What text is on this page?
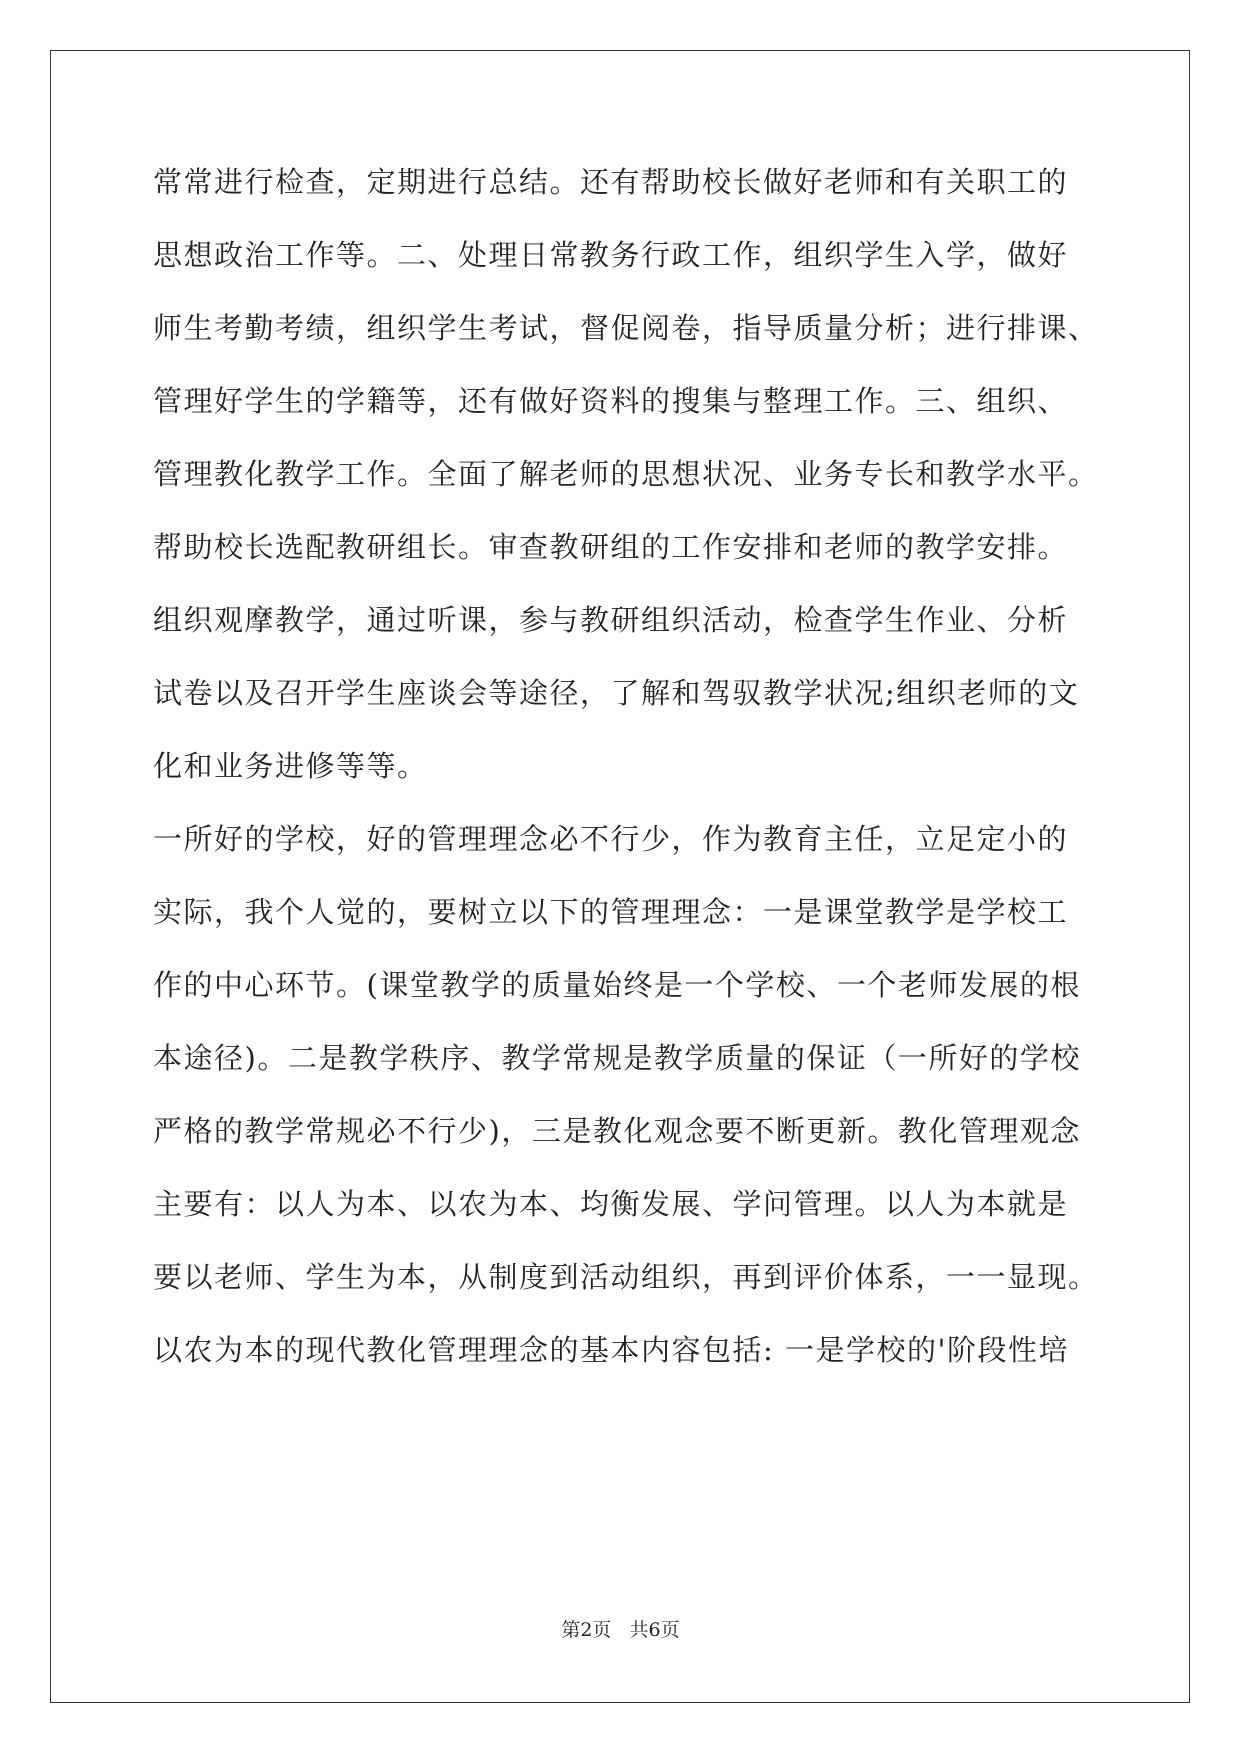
常常进行检查，定期进行总结。还有帮助校长做好老师和有关职工的
思想政治工作等。二、处理日常教务行政工作，组织学生入学，做好
师生考勤考绩，组织学生考试，督促阅卷，指导质量分析；进行排课、
管理好学生的学籍等，还有做好资料的搜集与整理工作。三、组织、
管理教化教学工作。全面了解老师的思想状况、业务专长和教学水平。
帮助校长选配教研组长。审查教研组的工作安排和老师的教学安排。
组织观摩教学，通过听课，参与教研组织活动，检查学生作业、分析
试卷以及召开学生座谈会等途径，了解和驾驭教学状况;组织老师的文
化和业务进修等等。
一所好的学校，好的管理理念必不行少，作为教育主任，立足定小的
实际，我个人觉的，要树立以下的管理理念：一是课堂教学是学校工
作的中心环节。(课堂教学的质量始终是一个学校、一个老师发展的根
本途径)。二是教学秩序、教学常规是教学质量的保证（一所好的学校
严格的教学常规必不行少)，三是教化观念要不断更新。教化管理观念
主要有：以人为本、以农为本、均衡发展、学问管理。以人为本就是
要以老师、学生为本，从制度到活动组织，再到评价体系，一一显现。
以农为本的现代教化管理理念的基本内容包括: 一是学校的'阶段性培
第2页   共6页
